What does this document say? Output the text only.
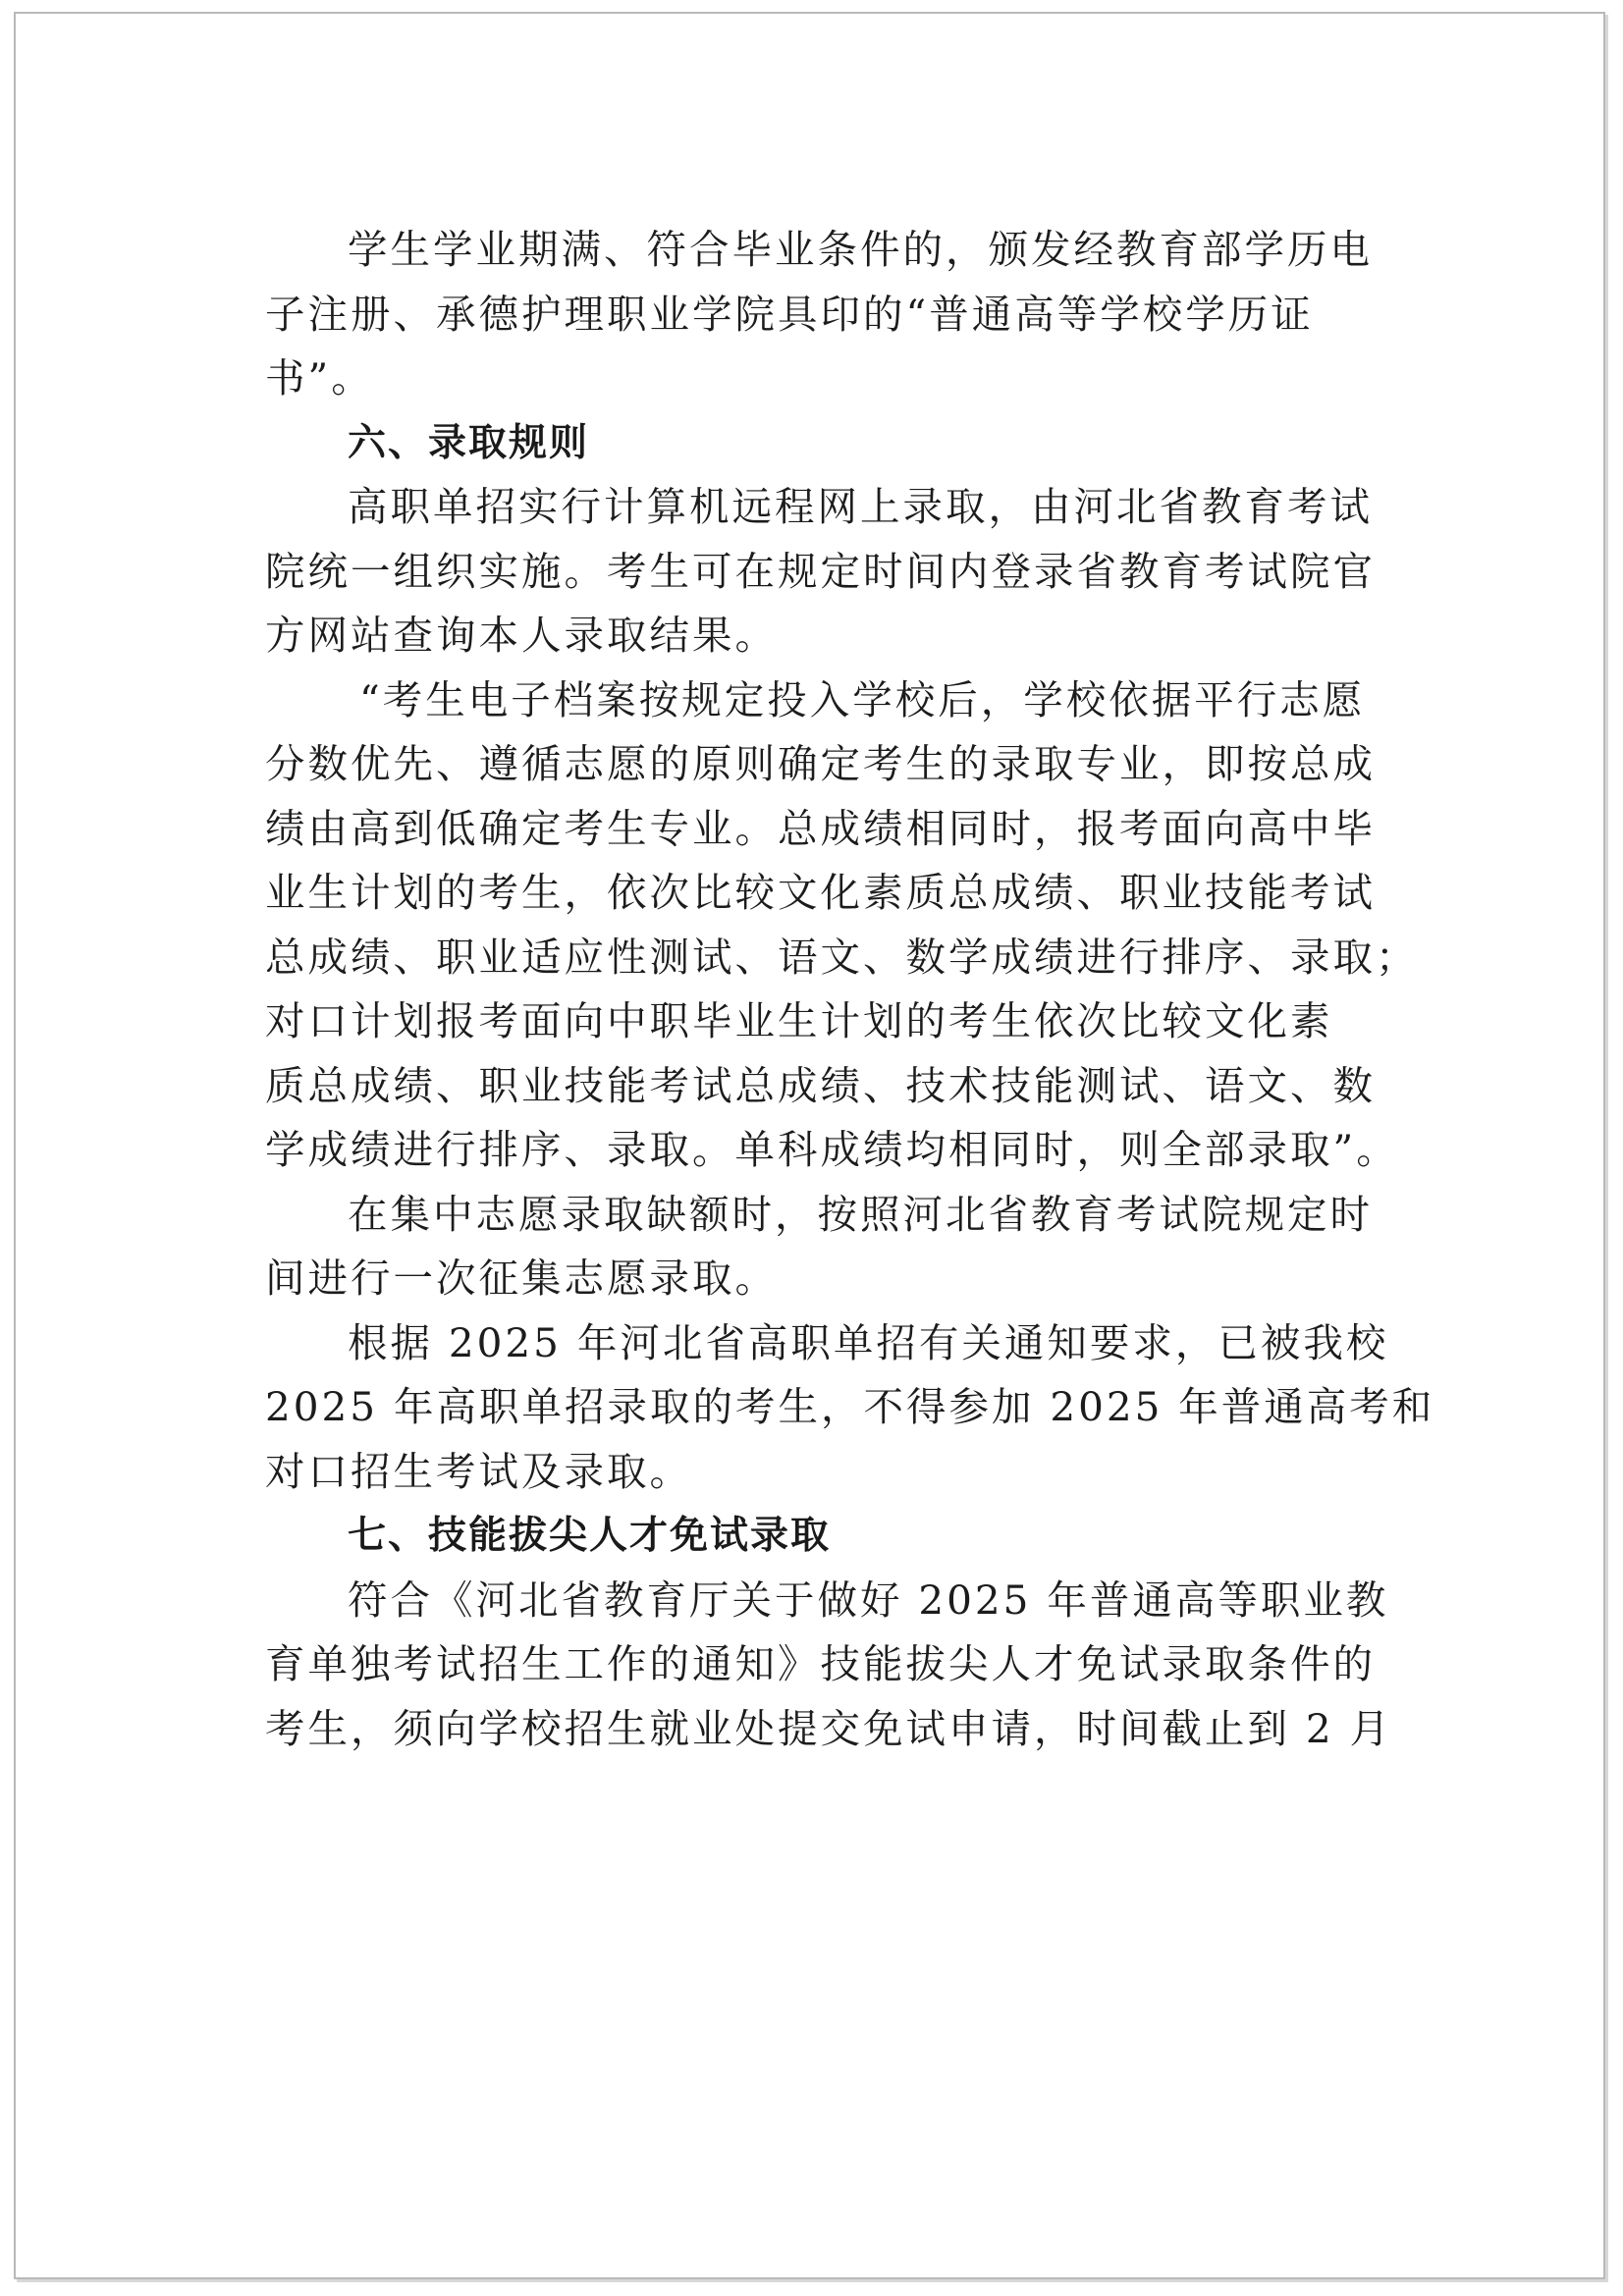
学生学业期满、符合毕业条件的，颁发经教育部学历电
子注册、承德护理职业学院具印的“普通高等学校学历证
书”。
六、录取规则
高职单招实行计算机远程网上录取，由河北省教育考试
院统一组织实施。考生可在规定时间内登录省教育考试院官
方网站查询本人录取结果。
“考生电子档案按规定投入学校后，学校依据平行志愿
分数优先、遵循志愿的原则确定考生的录取专业，即按总成
绩由高到低确定考生专业。总成绩相同时，报考面向高中毕
业生计划的考生，依次比较文化素质总成绩、职业技能考试
总成绩、职业适应性测试、语文、数学成绩进行排序、录取；
对口计划报考面向中职毕业生计划的考生依次比较文化素
质总成绩、职业技能考试总成绩、技术技能测试、语文、数
学成绩进行排序、录取。单科成绩均相同时，则全部录取”。
在集中志愿录取缺额时，按照河北省教育考试院规定时
间进行一次征集志愿录取。
根据 2025 年河北省高职单招有关通知要求，已被我校
2025 年高职单招录取的考生，不得参加 2025 年普通高考和
对口招生考试及录取。
七、技能拔尖人才免试录取
符合《河北省教育厅关于做好 2025 年普通高等职业教
育单独考试招生工作的通知》技能拔尖人才免试录取条件的
考生，须向学校招生就业处提交免试申请，时间截止到 2 月
